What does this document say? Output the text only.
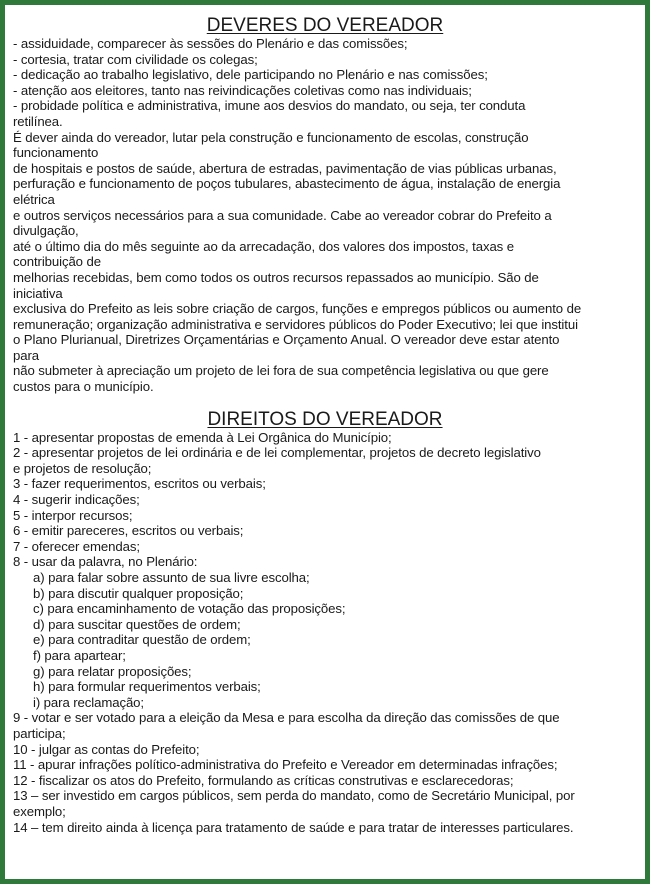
DEVERES DO VEREADOR
- assiduidade, comparecer às sessões do Plenário e das comissões;
- cortesia, tratar com civilidade os colegas;
- dedicação ao trabalho legislativo, dele participando no Plenário e nas comissões;
- atenção aos eleitores, tanto nas reivindicações coletivas como nas individuais;
- probidade política e administrativa, imune aos desvios do mandato, ou seja, ter conduta
retilínea.
É dever ainda do vereador, lutar pela construção e funcionamento de escolas, construção
funcionamento
de hospitais e postos de saúde, abertura de estradas, pavimentação de vias públicas urbanas,
perfuração e funcionamento de poços tubulares, abastecimento de água, instalação de energia
elétrica
e outros serviços necessários para a sua comunidade. Cabe ao vereador cobrar do Prefeito a
divulgação,
até o último dia do mês seguinte ao da arrecadação, dos valores dos impostos, taxas e
contribuição de
melhorias recebidas, bem como todos os outros recursos repassados ao município. São de
iniciativa
exclusiva do Prefeito as leis sobre criação de cargos, funções e empregos públicos ou aumento de
remuneração; organização administrativa e servidores públicos do Poder Executivo; lei que institui
o Plano Plurianual, Diretrizes Orçamentárias e Orçamento Anual. O vereador deve estar atento
para
não submeter à apreciação um projeto de lei fora de sua competência legislativa ou que gere
custos para o município.
DIREITOS DO VEREADOR
1 - apresentar propostas de emenda à Lei Orgânica do Município;
2 - apresentar projetos de lei ordinária e de lei complementar, projetos de decreto legislativo
e projetos de resolução;
3 - fazer requerimentos, escritos ou verbais;
4 - sugerir indicações;
5 - interpor recursos;
6 - emitir pareceres, escritos ou verbais;
7 - oferecer emendas;
8 - usar da palavra, no Plenário:
a) para falar sobre assunto de sua livre escolha;
b) para discutir qualquer proposição;
c) para encaminhamento de votação das proposições;
d) para suscitar questões de ordem;
e) para contraditar questão de ordem;
f) para apartear;
g) para relatar proposições;
h) para formular requerimentos verbais;
i) para reclamação;
9 - votar e ser votado para a eleição da Mesa e para escolha da direção das comissões de que
participa;
10 - julgar as contas do Prefeito;
11 - apurar infrações político-administrativa do Prefeito e Vereador em determinadas infrações;
12 - fiscalizar os atos do Prefeito, formulando as críticas construtivas e esclarecedoras;
13 – ser investido em cargos públicos, sem perda do mandato, como de Secretário Municipal, por
exemplo;
14 – tem direito ainda à licença para tratamento de saúde e para tratar de interesses particulares.
